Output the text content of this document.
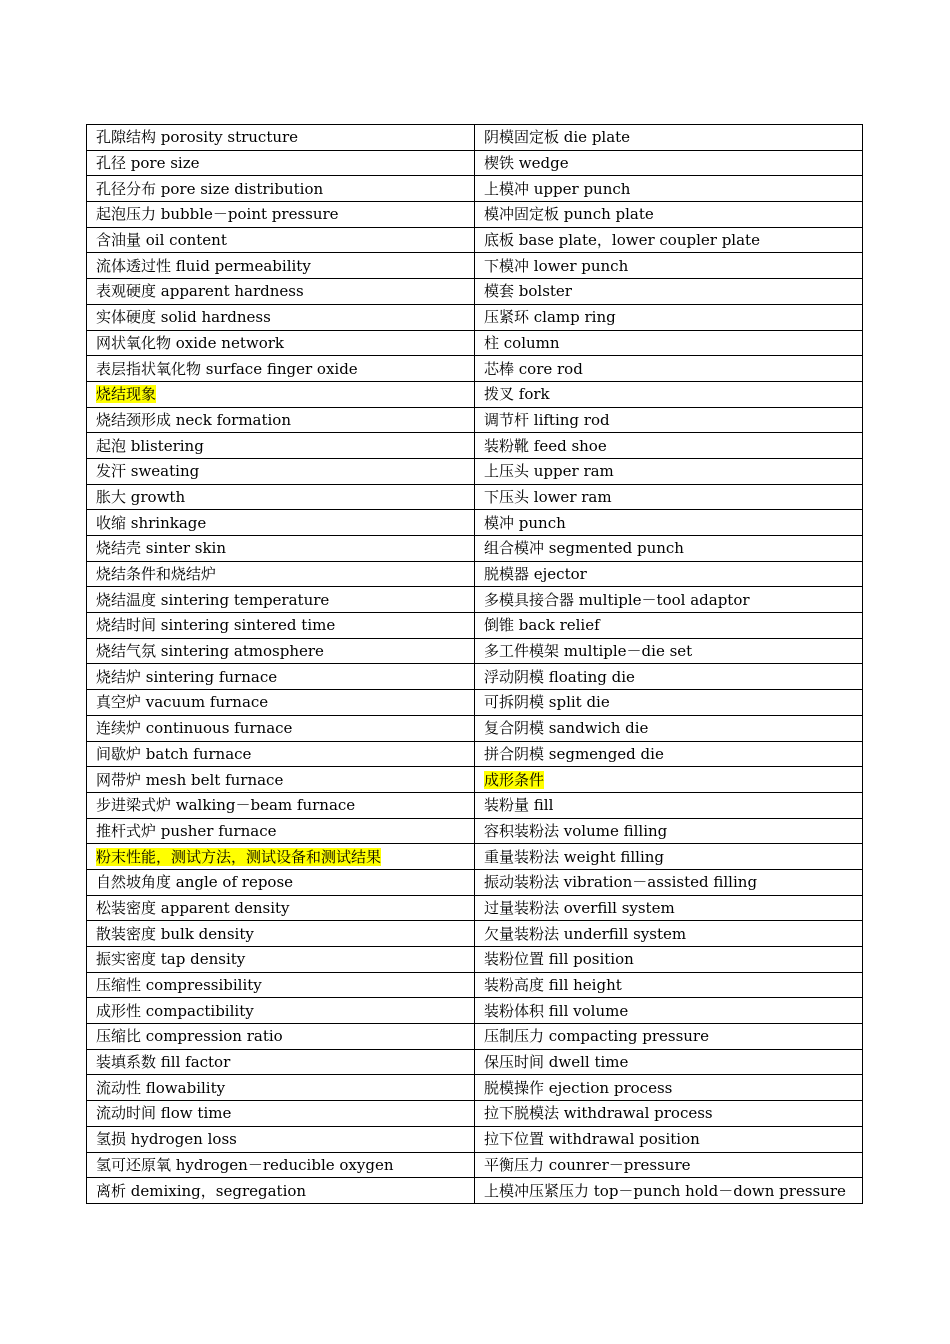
孔隙结构 porosity structure	阴模固定板 die plate
孔径 pore size	楔铁 wedge
孔径分布 pore size distribution	上模冲 upper punch
起泡压力 bubble－point pressure	模冲固定板 punch plate
含油量 oil content	底板 base plate，lower coupler plate
流体透过性 fluid permeability	下模冲 lower punch
表观硬度 apparent hardness	模套 bolster
实体硬度 solid hardness	压紧环 clamp ring
网状氧化物 oxide network	柱 column
表层指状氧化物 surface finger oxide	芯棒 core rod
烧结现象	拨叉 fork
烧结颈形成 neck formation	调节杆 lifting rod
起泡 blistering	装粉靴 feed shoe
发汗 sweating	上压头 upper ram
胀大 growth	下压头 lower ram
收缩 shrinkage	模冲 punch
烧结壳 sinter skin	组合模冲 segmented punch
烧结条件和烧结炉	脱模器 ejector
烧结温度 sintering temperature	多模具接合器 multiple－tool adaptor
烧结时间 sintering sintered time	倒锥 back relief
烧结气氛 sintering atmosphere	多工件模架 multiple－die set
烧结炉 sintering furnace	浮动阴模 floating die
真空炉 vacuum furnace	可拆阴模 split die
连续炉 continuous furnace	复合阴模 sandwich die
间歇炉 batch furnace	拼合阴模 segmenged die
网带炉 mesh belt furnace	成形条件
步进梁式炉 walking－beam furnace	装粉量 fill
推杆式炉 pusher furnace	容积装粉法 volume filling
粉末性能，测试方法，测试设备和测试结果	重量装粉法 weight filling
自然坡角度 angle of repose	振动装粉法 vibration－assisted filling
松装密度 apparent density	过量装粉法 overfill system
散装密度 bulk density	欠量装粉法 underfill system
振实密度 tap density	装粉位置 fill position
压缩性 compressibility	装粉高度 fill height
成形性 compactibility	装粉体积 fill volume
压缩比 compression ratio	压制压力 compacting pressure
装填系数 fill factor	保压时间 dwell time
流动性 flowability	脱模操作 ejection process
流动时间 flow time	拉下脱模法 withdrawal process
氢损 hydrogen loss	拉下位置 withdrawal position
氢可还原氧 hydrogen－reducible oxygen	平衡压力 counrer－pressure
离析 demixing，segregation	上模冲压紧压力 top－punch hold－down pressure
